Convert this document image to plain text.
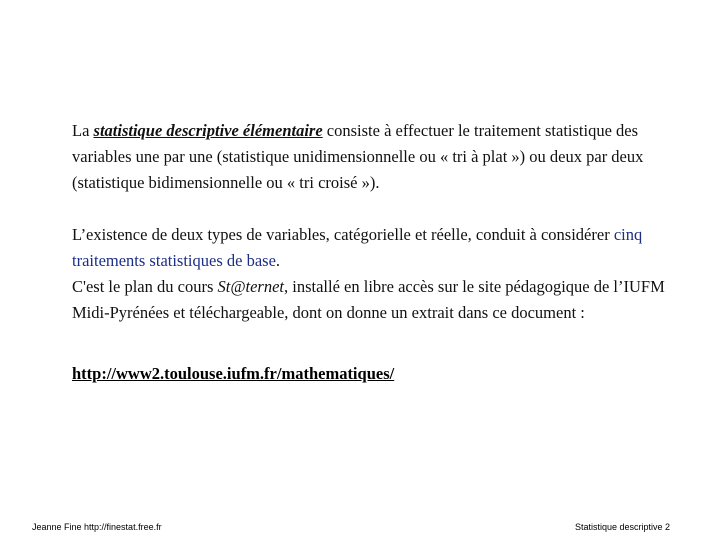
La statistique descriptive élémentaire consiste à effectuer le traitement statistique des variables une par une (statistique unidimensionnelle ou « tri à plat ») ou deux par deux (statistique bidimensionnelle ou « tri croisé »).

L’existence de deux types de variables, catégorielle et réelle, conduit à considérer cinq traitements statistiques de base.
C'est le plan du cours St@ternet, installé en libre accès sur le site pédagogique de l’IUFM Midi-Pyrénées et téléchargeable, dont on donne un extrait dans ce document :

http://www2.toulouse.iufm.fr/mathematiques/
Jeanne Fine http://finestat.free.fr	Statistique descriptive 2
